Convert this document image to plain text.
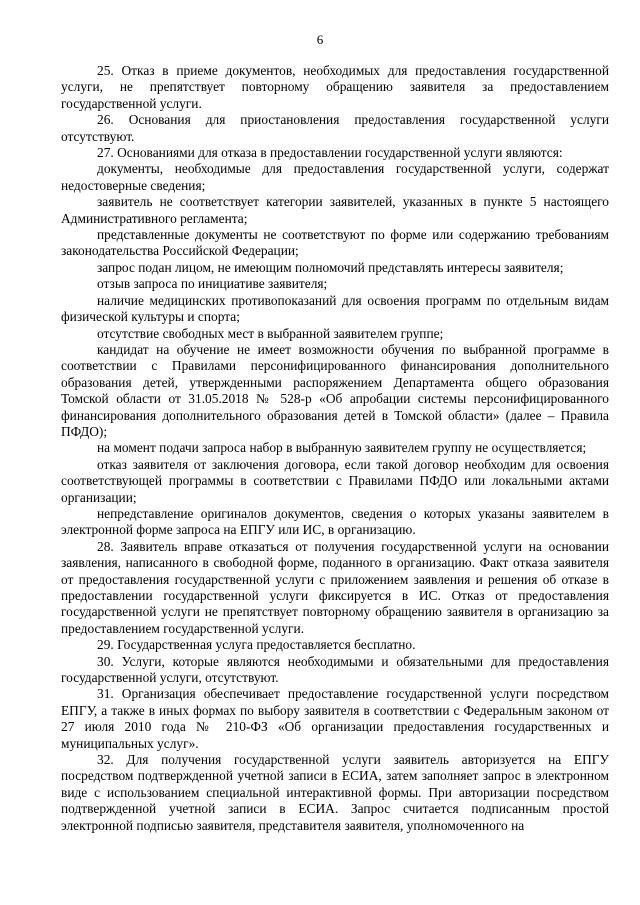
6

25. Отказ в приеме документов, необходимых для предоставления государственной услуги, не препятствует повторному обращению заявителя за предоставлением государственной услуги.

26. Основания для приостановления предоставления государственной услуги отсутствуют.

27. Основаниями для отказа в предоставлении государственной услуги являются:

документы, необходимые для предоставления государственной услуги, содержат недостоверные сведения;

заявитель не соответствует категории заявителей, указанных в пункте 5 настоящего Административного регламента;

представленные документы не соответствуют по форме или содержанию требованиям законодательства Российской Федерации;

запрос подан лицом, не имеющим полномочий представлять интересы заявителя;

отзыв запроса по инициативе заявителя;

наличие медицинских противопоказаний для освоения программ по отдельным видам физической культуры и спорта;

отсутствие свободных мест в выбранной заявителем группе;

кандидат на обучение не имеет возможности обучения по выбранной программе в соответствии с Правилами персонифицированного финансирования дополнительного образования детей, утвержденными распоряжением Департамента общего образования Томской области от 31.05.2018 № 528-р «Об апробации системы персонифицированного финансирования дополнительного образования детей в Томской области» (далее – Правила ПФДО);

на момент подачи запроса набор в выбранную заявителем группу не осуществляется;

отказ заявителя от заключения договора, если такой договор необходим для освоения соответствующей программы в соответствии с Правилами ПФДО или локальными актами организации;

непредставление оригиналов документов, сведения о которых указаны заявителем в электронной форме запроса на ЕПГУ или ИС, в организацию.

28. Заявитель вправе отказаться от получения государственной услуги на основании заявления, написанного в свободной форме, поданного в организацию. Факт отказа заявителя от предоставления государственной услуги с приложением заявления и решения об отказе в предоставлении государственной услуги фиксируется в ИС. Отказ от предоставления государственной услуги не препятствует повторному обращению заявителя в организацию за предоставлением государственной услуги.

29. Государственная услуга предоставляется бесплатно.

30. Услуги, которые являются необходимыми и обязательными для предоставления государственной услуги, отсутствуют.

31. Организация обеспечивает предоставление государственной услуги посредством ЕПГУ, а также в иных формах по выбору заявителя в соответствии с Федеральным законом от 27 июля 2010 года № 210-ФЗ «Об организации предоставления государственных и муниципальных услуг».

32. Для получения государственной услуги заявитель авторизуется на ЕПГУ посредством подтвержденной учетной записи в ЕСИА, затем заполняет запрос в электронном виде с использованием специальной интерактивной формы. При авторизации посредством подтвержденной учетной записи в ЕСИА. Запрос считается подписанным простой электронной подписью заявителя, представителя заявителя, уполномоченного на
